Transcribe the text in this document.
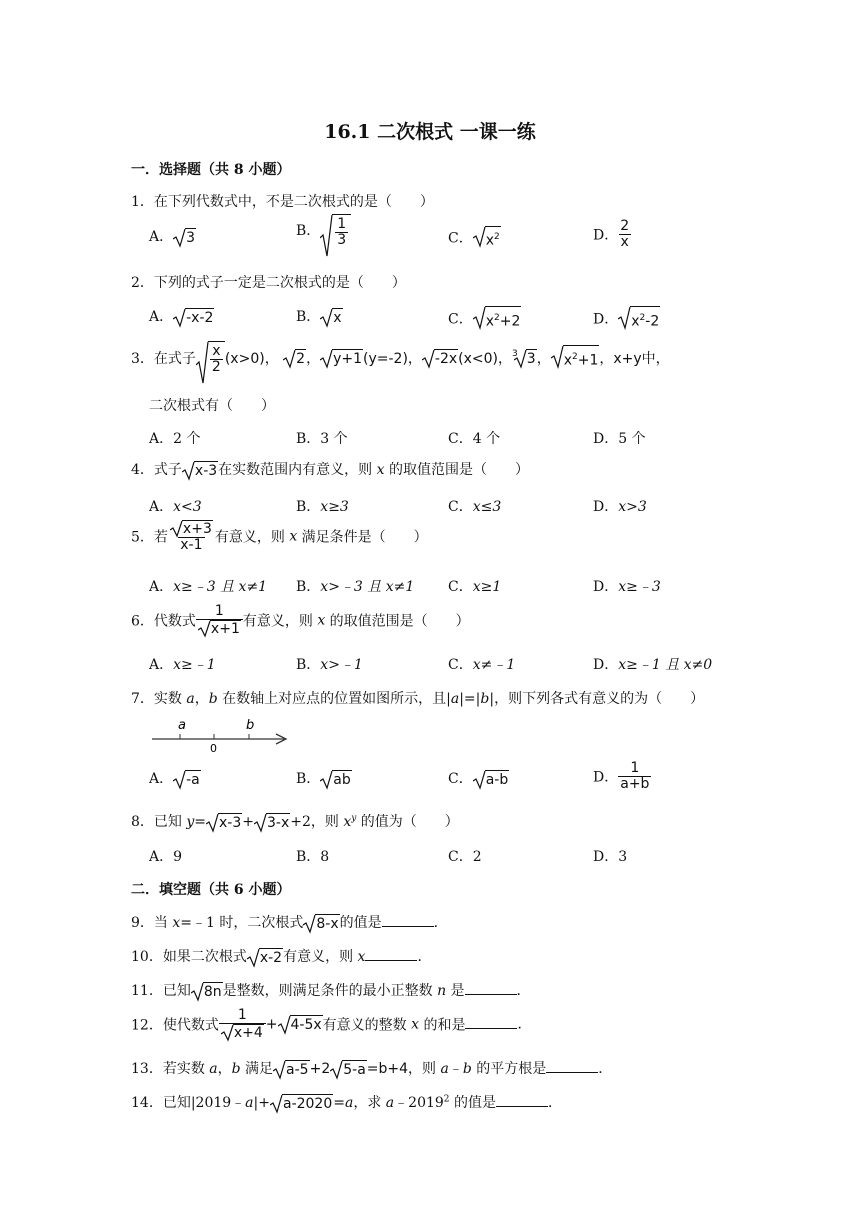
16.1 二次根式 一课一练
一．选择题（共 8 小题）
1．在下列代数式中，不是二次根式的是（　　）
A． 3	B． $\frac{1}{3}$	C． $x^2$	D． $\frac{2}{x}$
2．下列的式子一定是二次根式的是（　　）
A． -x-2	B． x	C． $x^2+2$	D． $x^2-2$
3．在式子 $\frac{x}{2} (x>0)$， 2， y+1(y=-2)， -2x(x<0)，$^3$ 3， $x^2+1$，x+y中，
二次根式有（　　）
A．2 个	B．3 个	C．4 个	D．5 个
4．式子 x-3在实数范围内有意义，则 x 的取值范围是（　　）
A．x<3	B．x≥3	C．x≤3	D．x>3
5．若 $\frac{x+3}{x-1}$ 有意义，则 x 满足条件是（　　）
A．x≥﹣3 且 x≠1 B．x>﹣3 且 x≠1 C．x≥1	D．x≥﹣3
6．代数式 $\frac{1}{x+1}$ 有意义，则 x 的取值范围是（　　）
A．x≥﹣1	B．x>﹣1	C．x≠﹣1	D．x≥﹣1 且 x≠0
7．实数 a，b 在数轴上对应点的位置如图所示，且|a|=|b|，则下列各式有意义的为（　　）
a	b
0
A． -a	B． ab	C． a-b	D． $\frac{1}{a+b}$
8．已知 y= x-3+ 3-x+2，则 $x^y$ 的值为（　　）
A．9	B．8	C．2	D．3
二．填空题（共 6 小题）
9．当 x=﹣1 时，二次根式 8-x的值是	．
10．如果二次根式 x-2有意义，则 x	．
11．已知 8n是整数，则满足条件的最小正整数 n 是	．
12．使代数式 $\frac{1}{x+4} + 4-5x$有意义的整数 x 的和是	．
13．若实数 a，b 满足 a-5+2 5-a=b+4，则 a﹣b 的平方根是	．
14．已知|2019﹣a|+ a-2020=a，求 a﹣2019$^2$ 的值是	．
